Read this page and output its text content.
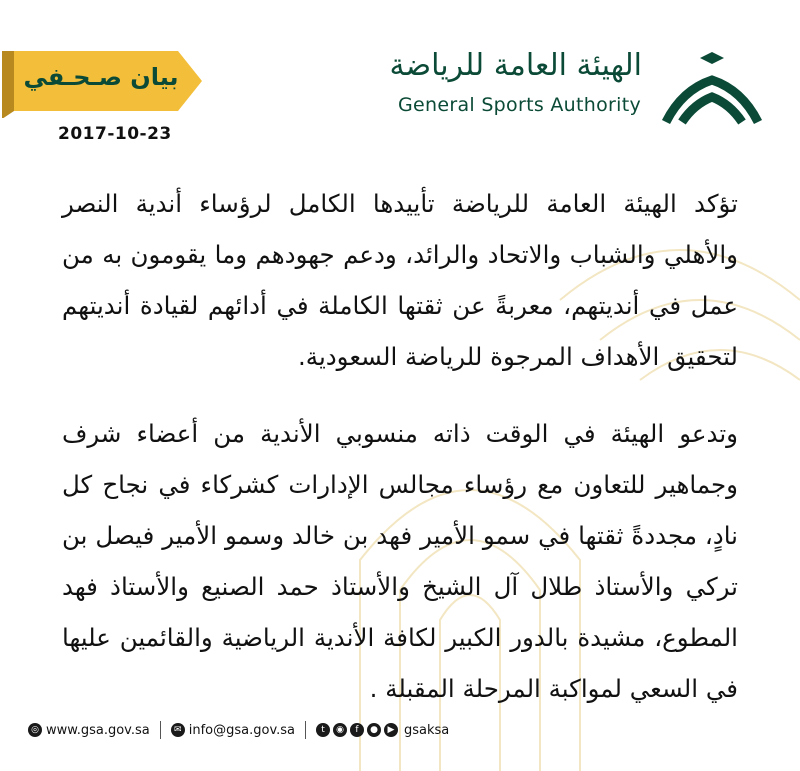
بيان صـحـفي
2017-10-23
الهيئة العامة للرياضة
General Sports Authority

تؤكد الهيئة العامة للرياضة تأييدها الكامل لرؤساء أندية النصر والأهلي والشباب والاتحاد والرائد، ودعم جهودهم وما يقومون به من عمل في أنديتهم، معربةً عن ثقتها الكاملة في أدائهم لقيادة أنديتهم لتحقيق الأهداف المرجوة للرياضة السعودية.

وتدعو الهيئة في الوقت ذاته منسوبي الأندية من أعضاء شرف وجماهير للتعاون مع رؤساء مجالس الإدارات كشركاء في نجاح كل نادٍ، مجددةً ثقتها في سمو الأمير فهد بن خالد وسمو الأمير فيصل بن تركي والأستاذ طلال آل الشيخ والأستاذ حمد الصنيع والأستاذ فهد المطوع، مشيدة بالدور الكبير لكافة الأندية الرياضية والقائمين عليها في السعي لمواكبة المرحلة المقبلة .

◎ www.gsa.gov.sa	✉ info@gsa.gov.sa	t	◉	f	●	▶ gsaksa
